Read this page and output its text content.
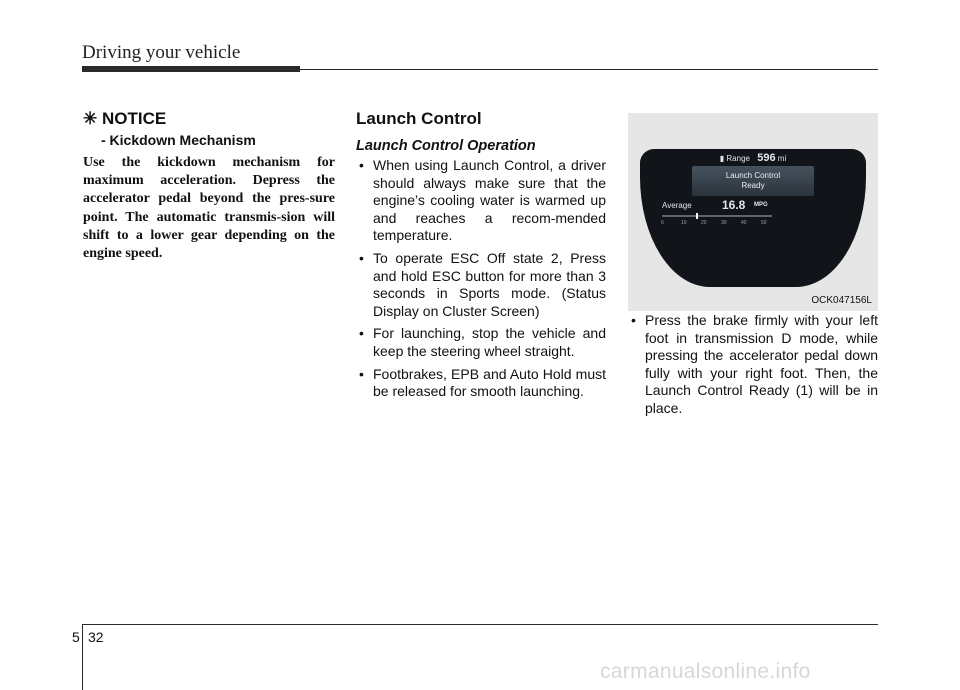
Driving your vehicle
✳ NOTICE
- Kickdown Mechanism
Use the kickdown mechanism for maximum acceleration. Depress the accelerator pedal beyond the pres-sure point. The automatic transmis-sion will shift to a lower gear depending on the engine speed.
Launch Control
Launch Control Operation
• When using Launch Control, a driver should always make sure that the engine’s cooling water is warmed up and reaches a recom-mended temperature.
• To operate ESC Off state 2, Press and hold ESC button for more than 3 seconds in Sports mode. (Status Display on Cluster Screen)
• For launching, stop the vehicle and keep the steering wheel straight.
• Footbrakes, EPB and Auto Hold must be released for smooth launching.
▮ Range 596 mi
Launch Control
Ready
Average	16.8 MPG
0	10	20	30	40	50
OCK047156L
• Press the brake firmly with your left foot in transmission D mode, while pressing the accelerator pedal down fully with your right foot. Then, the Launch Control Ready (1) will be in place.
5 32
carmanualsonline.info
